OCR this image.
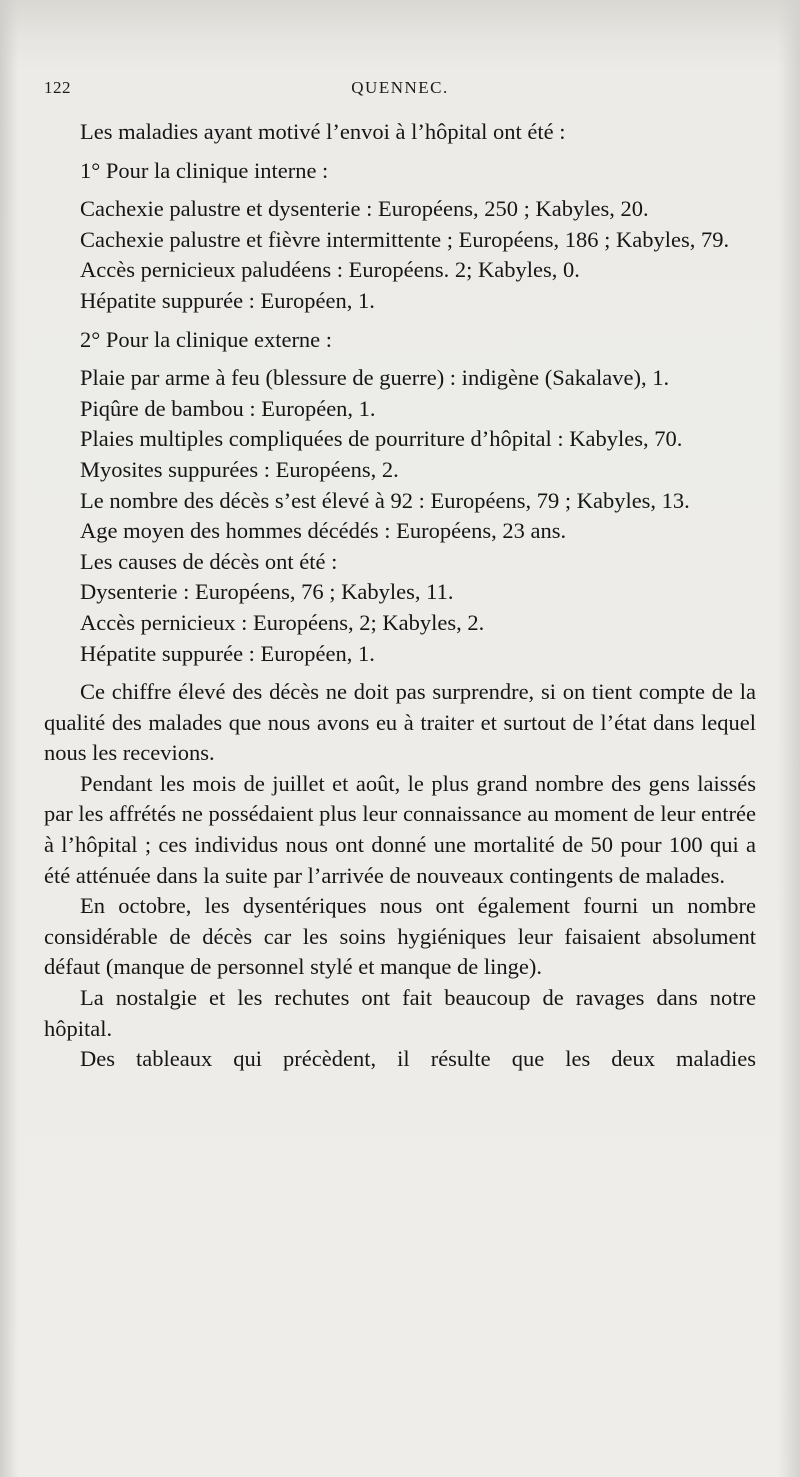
122	QUENNEC.

Les maladies ayant motivé l’envoi à l’hôpital ont été :

1° Pour la clinique interne :

Cachexie palustre et dysenterie : Européens, 250 ; Kabyles, 20.

Cachexie palustre et fièvre intermittente ; Européens, 186 ; Kabyles, 79.

Accès pernicieux paludéens : Européens. 2; Kabyles, 0.

Hépatite suppurée : Européen, 1.

2° Pour la clinique externe :

Plaie par arme à feu (blessure de guerre) : indigène (Sakalave), 1.

Piqûre de bambou : Européen, 1.

Plaies multiples compliquées de pourriture d’hôpital : Kabyles, 70.

Myosites suppurées : Européens, 2.

Le nombre des décès s’est élevé à 92 : Européens, 79 ; Kabyles, 13.

Age moyen des hommes décédés : Européens, 23 ans.

Les causes de décès ont été :

Dysenterie : Européens, 76 ; Kabyles, 11.

Accès pernicieux : Européens, 2; Kabyles, 2.

Hépatite suppurée : Européen, 1.

Ce chiffre élevé des décès ne doit pas surprendre, si on tient compte de la qualité des malades que nous avons eu à traiter et surtout de l’état dans lequel nous les recevions.

Pendant les mois de juillet et août, le plus grand nombre des gens laissés par les affrétés ne possédaient plus leur connaissance au moment de leur entrée à l’hôpital ; ces individus nous ont donné une mortalité de 50 pour 100 qui a été atténuée dans la suite par l’arrivée de nouveaux contingents de malades.

En octobre, les dysentériques nous ont également fourni un nombre considérable de décès car les soins hygiéniques leur faisaient absolument défaut (manque de personnel stylé et manque de linge).

La nostalgie et les rechutes ont fait beaucoup de ravages dans notre hôpital.

Des tableaux qui précèdent, il résulte que les deux maladies
